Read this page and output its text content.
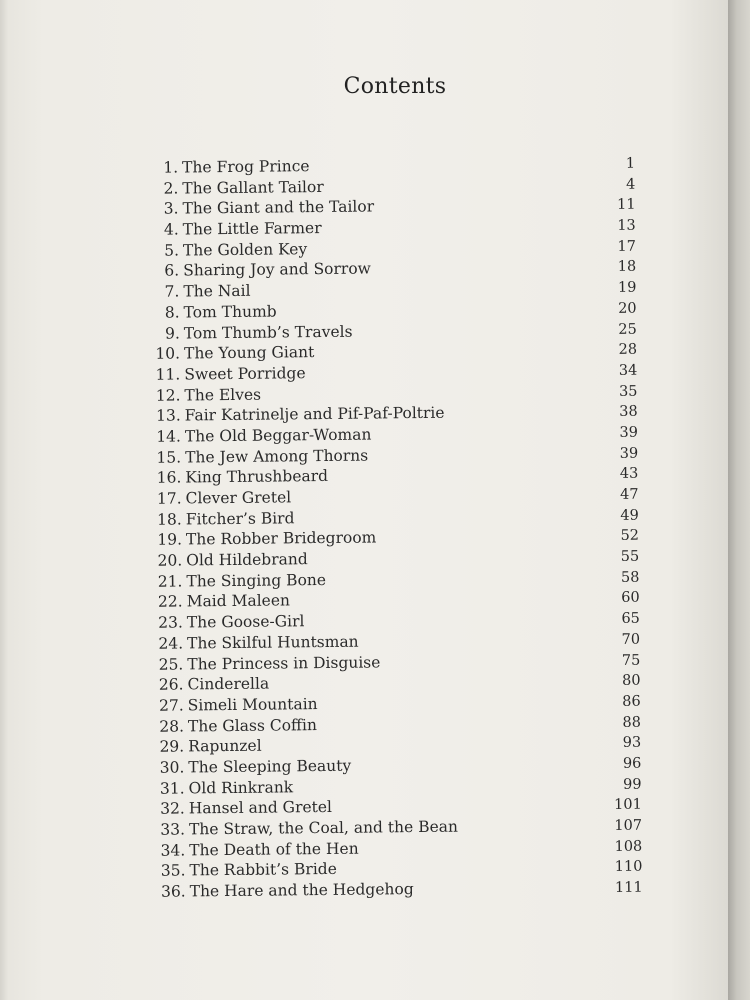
Contents
1. The Frog Prince	1
2. The Gallant Tailor	4
3. The Giant and the Tailor	11
4. The Little Farmer	13
5. The Golden Key	17
6. Sharing Joy and Sorrow	18
7. The Nail	19
8. Tom Thumb	20
9. Tom Thumb’s Travels	25
10. The Young Giant	28
11. Sweet Porridge	34
12. The Elves	35
13. Fair Katrinelje and Pif-Paf-Poltrie	38
14. The Old Beggar-Woman	39
15. The Jew Among Thorns	39
16. King Thrushbeard	43
17. Clever Gretel	47
18. Fitcher’s Bird	49
19. The Robber Bridegroom	52
20. Old Hildebrand	55
21. The Singing Bone	58
22. Maid Maleen	60
23. The Goose-Girl	65
24. The Skilful Huntsman	70
25. The Princess in Disguise	75
26. Cinderella	80
27. Simeli Mountain	86
28. The Glass Coffin	88
29. Rapunzel	93
30. The Sleeping Beauty	96
31. Old Rinkrank	99
32. Hansel and Gretel	101
33. The Straw, the Coal, and the Bean	107
34. The Death of the Hen	108
35. The Rabbit’s Bride	110
36. The Hare and the Hedgehog	111
